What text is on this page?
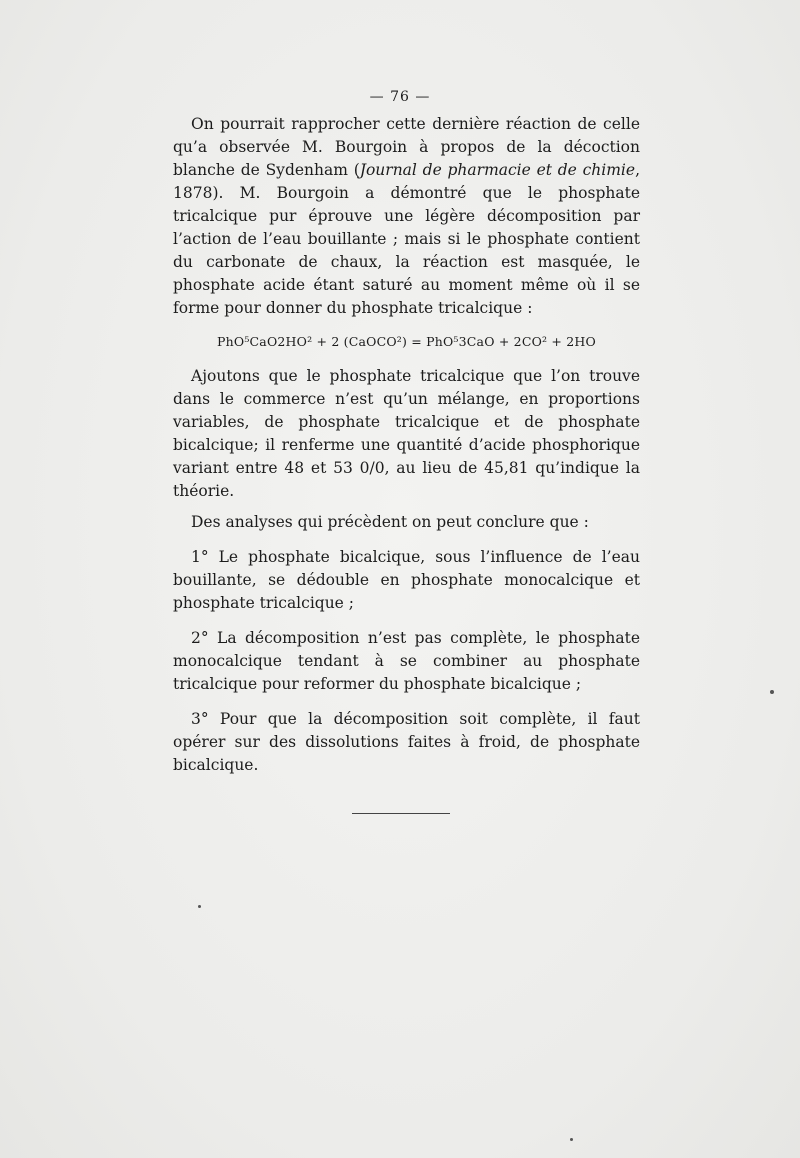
— 76 —

On pourrait rapprocher cette dernière réaction de celle qu’a observée M. Bourgoin à propos de la décoction blanche de Sydenham (Journal de pharmacie et de chimie, 1878). M. Bourgoin a démontré que le phosphate tricalcique pur éprouve une légère décomposition par l’action de l’eau bouillante ; mais si le phosphate contient du carbonate de chaux, la réaction est masquée, le phosphate acide étant saturé au moment même où il se forme pour donner du phosphate tricalcique :

PhO⁵CaO2HO² + 2 (CaOCO²) = PhO⁵3CaO + 2CO² + 2HO

Ajoutons que le phosphate tricalcique que l’on trouve dans le commerce n’est qu’un mélange, en proportions variables, de phosphate tricalcique et de phosphate bicalcique; il renferme une quantité d’acide phosphorique variant entre 48 et 53 0/0, au lieu de 45,81 qu’indique la théorie.

Des analyses qui précèdent on peut conclure que :

1° Le phosphate bicalcique, sous l’influence de l’eau bouillante, se dédouble en phosphate monocalcique et phosphate tricalcique ;

2° La décomposition n’est pas complète, le phosphate monocalcique tendant à se combiner au phosphate tricalcique pour reformer du phosphate bicalcique ;

3° Pour que la décomposition soit complète, il faut opérer sur des dissolutions faites à froid, de phosphate bicalcique.
